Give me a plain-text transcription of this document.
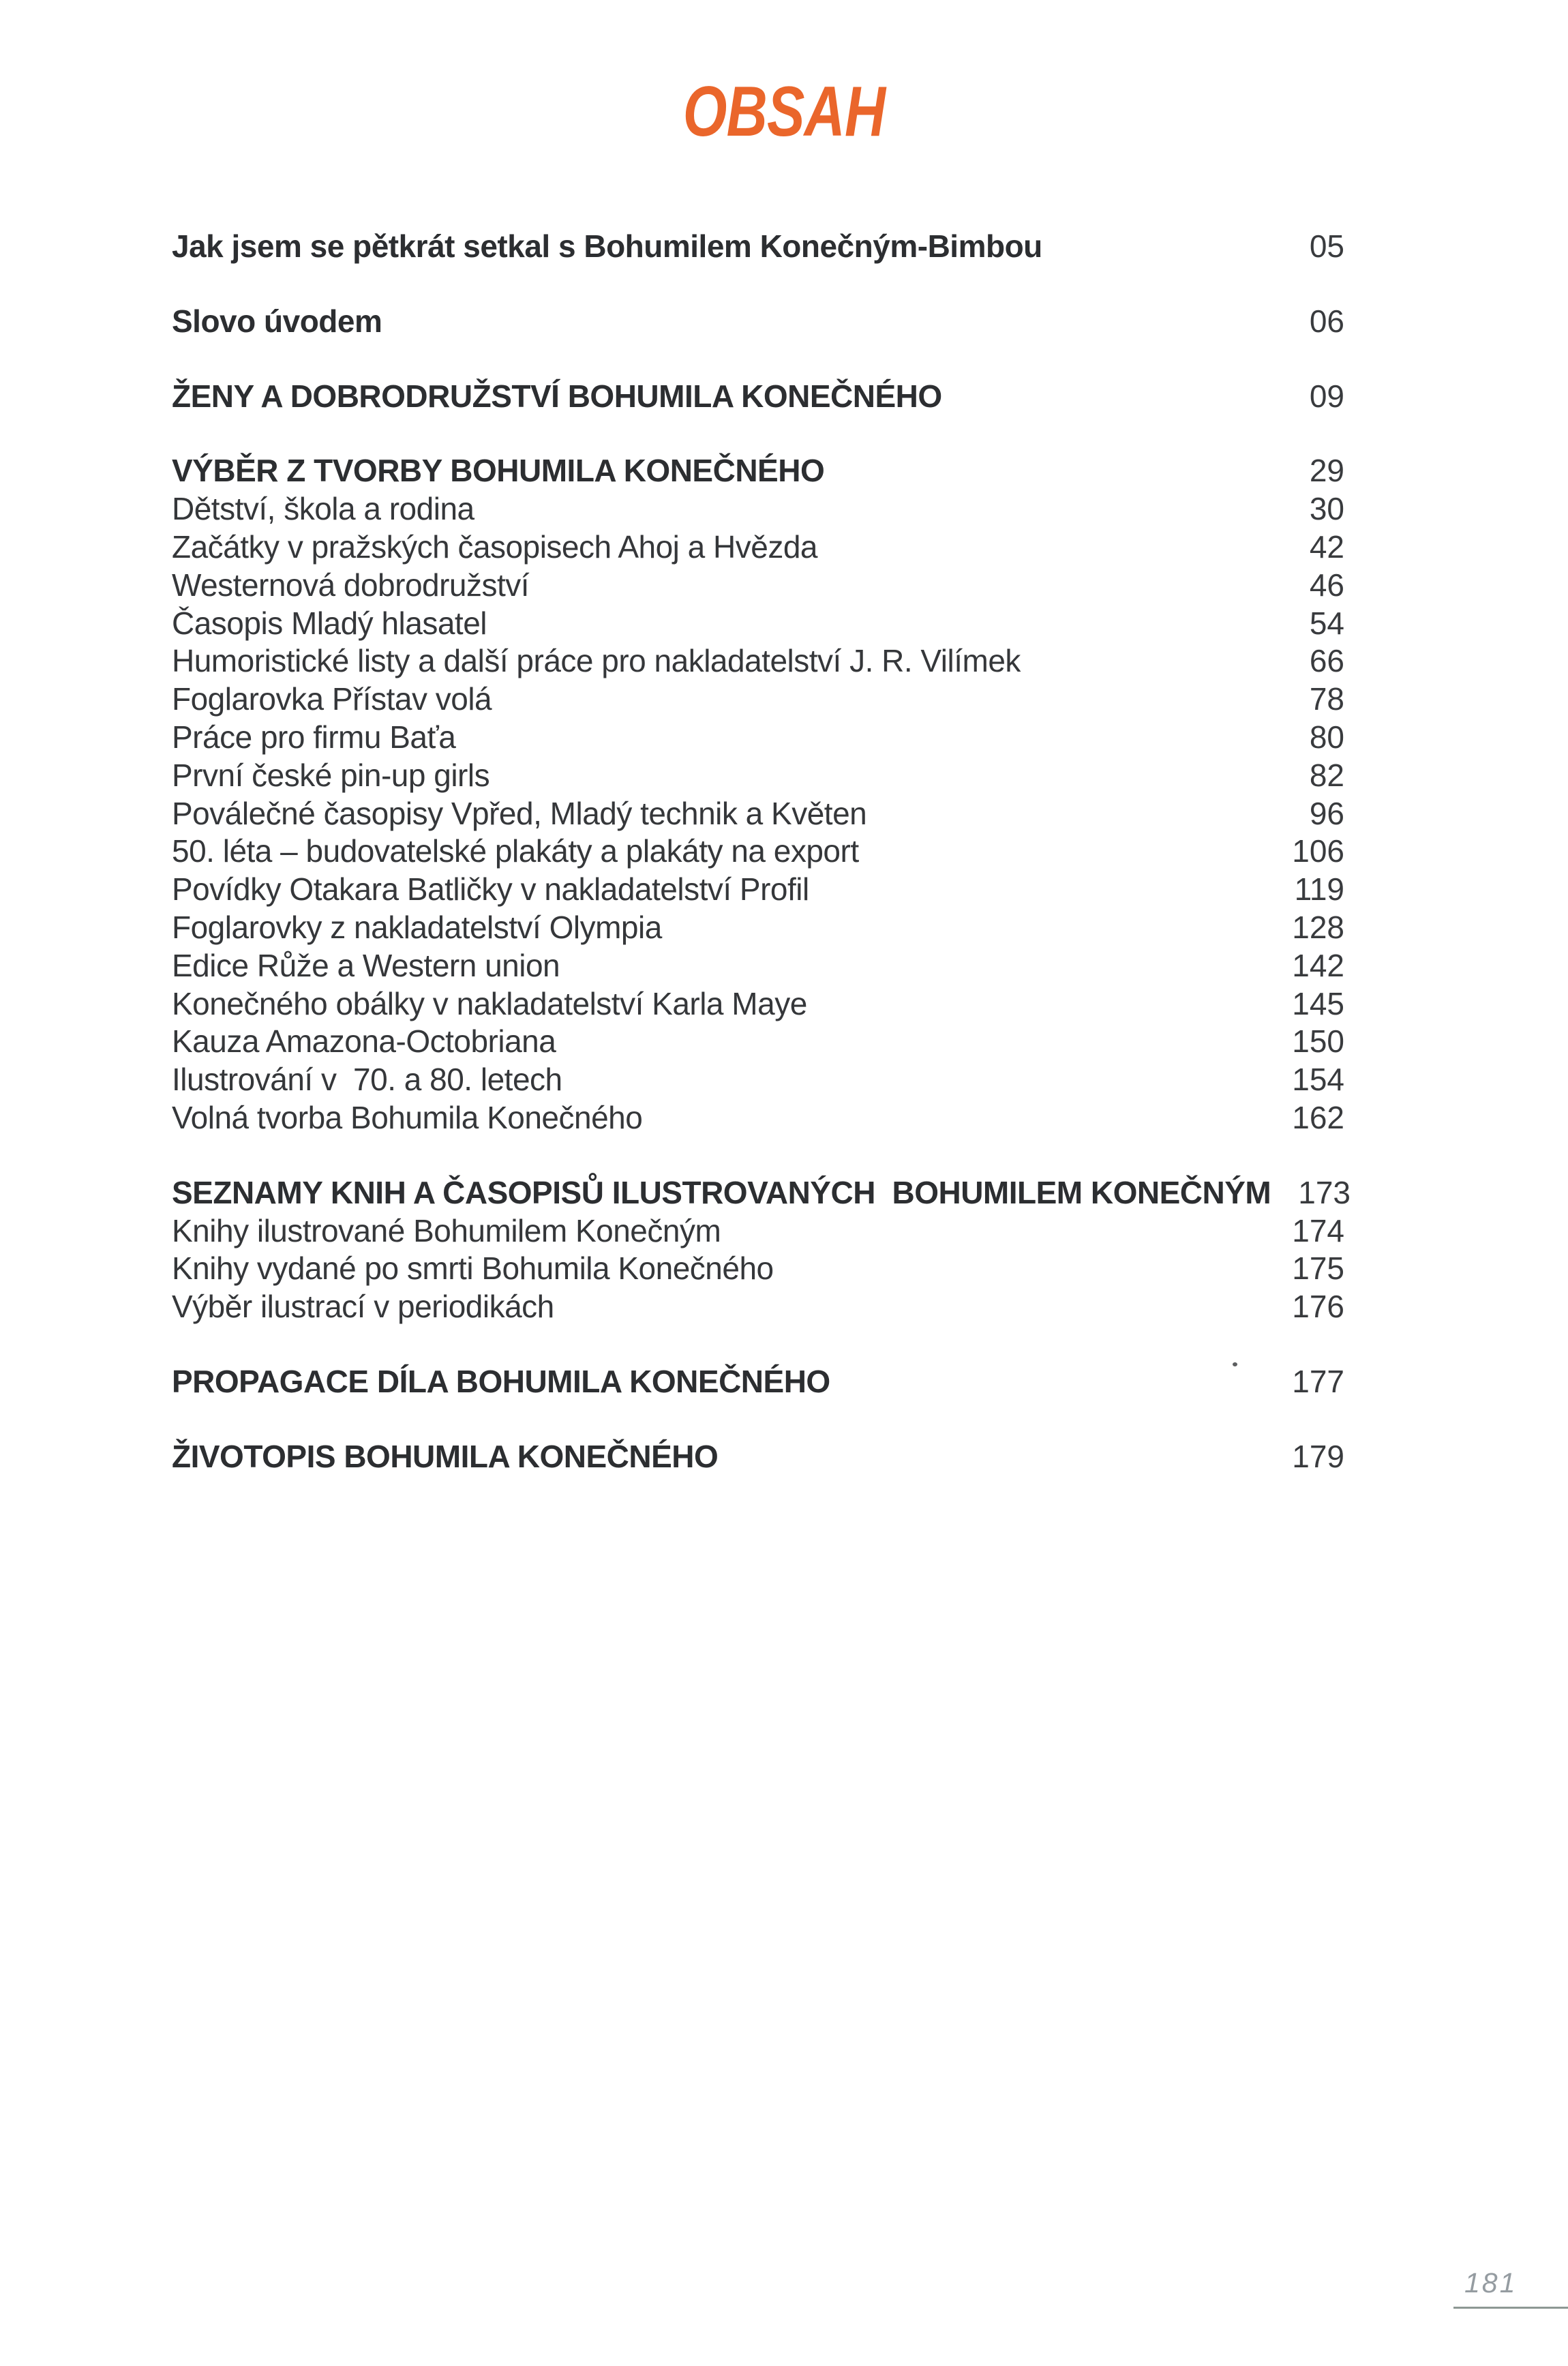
OBSAH
Jak jsem se pětkrát setkal s Bohumilem Konečným-Bimbou	05
Slovo úvodem	06
ŽENY A DOBRODRUŽSTVÍ BOHUMILA KONEČNÉHO	09
VÝBĚR Z TVORBY BOHUMILA KONEČNÉHO	29
Dětství, škola a rodina	30
Začátky v pražských časopisech Ahoj a Hvězda	42
Westernová dobrodružství	46
Časopis Mladý hlasatel	54
Humoristické listy a další práce pro nakladatelství J. R. Vilímek	66
Foglarovka Přístav volá	78
Práce pro firmu Baťa	80
První české pin-up girls	82
Poválečné časopisy Vpřed, Mladý technik a Květen	96
50. léta – budovatelské plakáty a plakáty na export	106
Povídky Otakara Batličky v nakladatelství Profil	119
Foglarovky z nakladatelství Olympia	128
Edice Růže a Western union	142
Konečného obálky v nakladatelství Karla Maye	145
Kauza Amazona-Octobriana	150
Ilustrování v  70. a 80. letech	154
Volná tvorba Bohumila Konečného	162
SEZNAMY KNIH A ČASOPISŮ ILUSTROVANÝCH  BOHUMILEM KONEČNÝM 173
Knihy ilustrované Bohumilem Konečným	174
Knihy vydané po smrti Bohumila Konečného	175
Výběr ilustrací v periodikách	176
PROPAGACE DÍLA BOHUMILA KONEČNÉHO	177
ŽIVOTOPIS BOHUMILA KONEČNÉHO	179
181
